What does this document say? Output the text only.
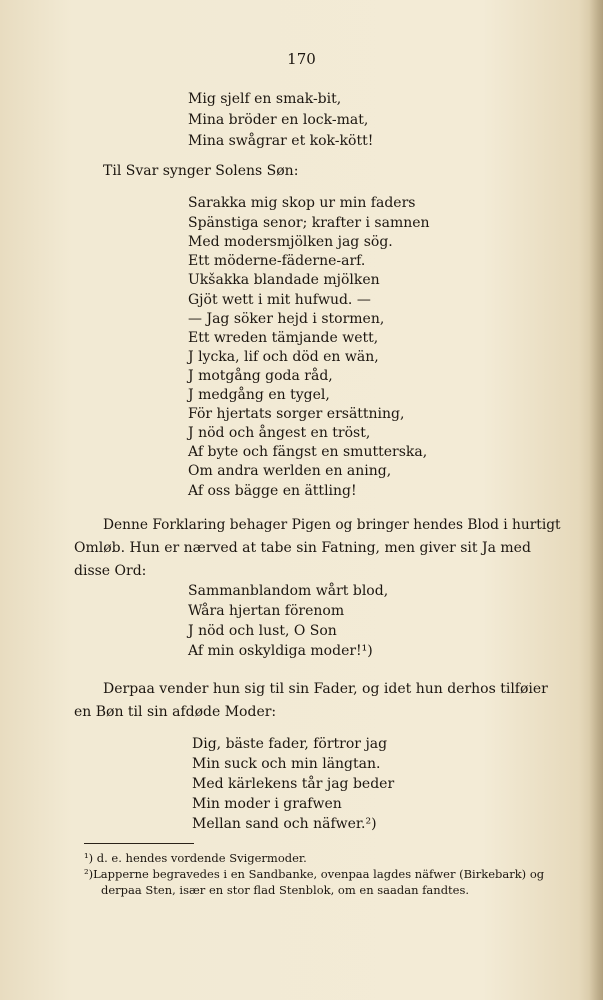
170
Mig sjelf en smak-bit,
Mina bröder en lock-mat,
Mina swågrar et kok-kött!
Til Svar synger Solens Søn:
Sarakka mig skop ur min faders
Spänstiga senor; krafter i samnen
Med modersmjölken jag sög.
Ett möderne-fäderne-arf.
Ukšakka blandade mjölken
Gjöt wett i mit hufwud. —
— Jag söker hejd i stormen,
Ett wreden tämjande wett,
J lycka, lif och död en wän,
J motgång goda råd,
J medgång en tygel,
För hjertats sorger ersättning,
J nöd och ångest en tröst,
Af byte och fängst en smutterska,
Om andra werlden en aning,
Af oss bägge en ättling!
Denne Forklaring behager Pigen og bringer hendes Blod i hurtigt
Omløb. Hun er nærved at tabe sin Fatning, men giver sit Ja med
disse Ord:
Sammanblandom wårt blod,
Wåra hjertan förenom
J nöd och lust, O Son
Af min oskyldiga moder!¹)
Derpaa vender hun sig til sin Fader, og idet hun derhos tilføier
en Bøn til sin afdøde Moder:
Dig, bäste fader, förtror jag
Min suck och min längtan.
Med kärlekens tår jag beder
Min moder i grafwen
Mellan sand och näfwer.²)
¹) d. e. hendes vordende Svigermoder.
²)Lapperne begravedes i en Sandbanke, ovenpaa lagdes näfwer (Birkebark) og
derpaa Sten, især en stor flad Stenblok, om en saadan fandtes.
